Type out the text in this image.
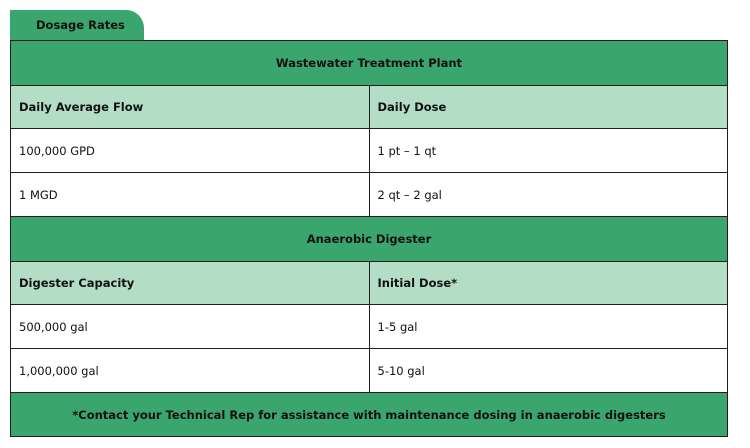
Dosage Rates
Wastewater Treatment Plant	
Daily Average Flow	Daily Dose
100,000 GPD	1 pt – 1 qt
1 MGD	2 qt – 2 gal
Anaerobic Digester	
Digester Capacity	Initial Dose*
500,000 gal	1-5 gal
1,000,000 gal	5-10 gal
*Contact your Technical Rep for assistance with maintenance dosing in anaerobic digesters	
